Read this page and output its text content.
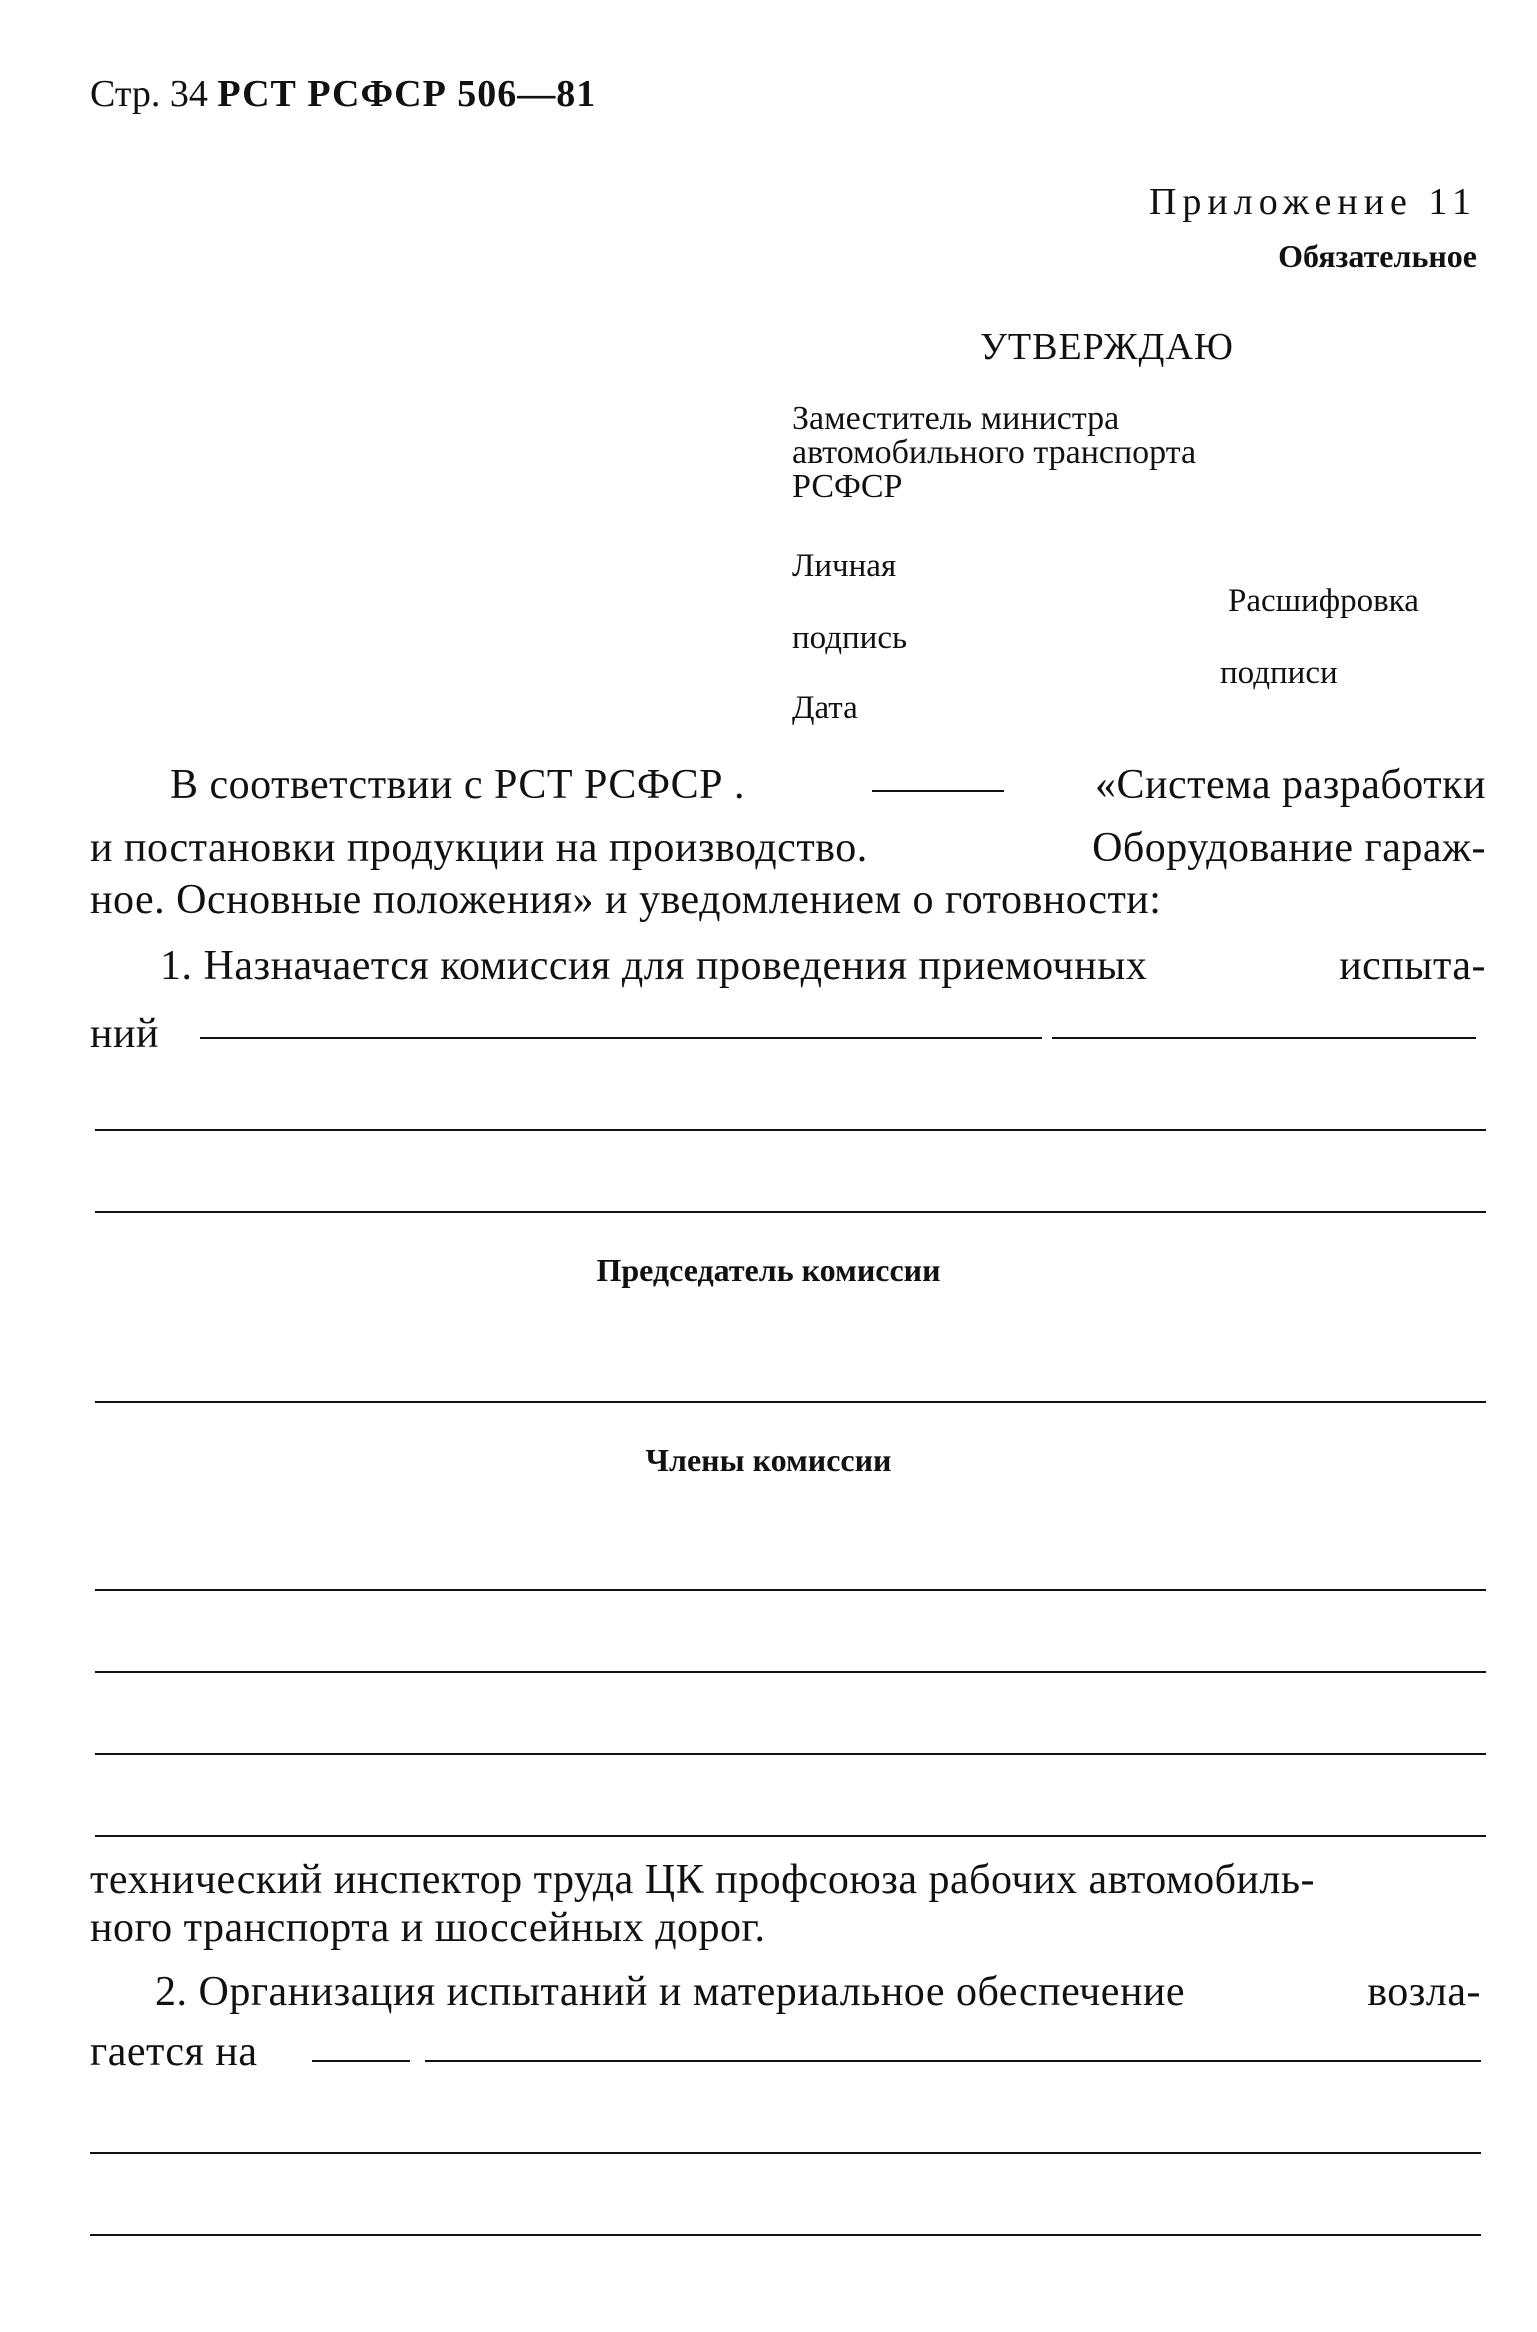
Стр. 34 РСТ РСФСР 506—81
Приложение 11
Обязательное
УТВЕРЖДАЮ
Заместитель министра
автомобильного транспорта
РСФСР
Личная
подпись
Расшифровка
подписи
Дата
В соответствии с РСТ РСФСР .	«Система разработки
и постановки продукции на производство.	Оборудование гараж-
ное. Основные положения» и уведомлением о готовности:
1. Назначается комиссия для проведения приемочных	испыта-
ний
Председатель комиссии
Члены комиссии
технический инспектор труда ЦК профсоюза рабочих автомобиль-
ного транспорта и шоссейных дорог.
2. Организация испытаний и материальное обеспечение	возла-
гается на
